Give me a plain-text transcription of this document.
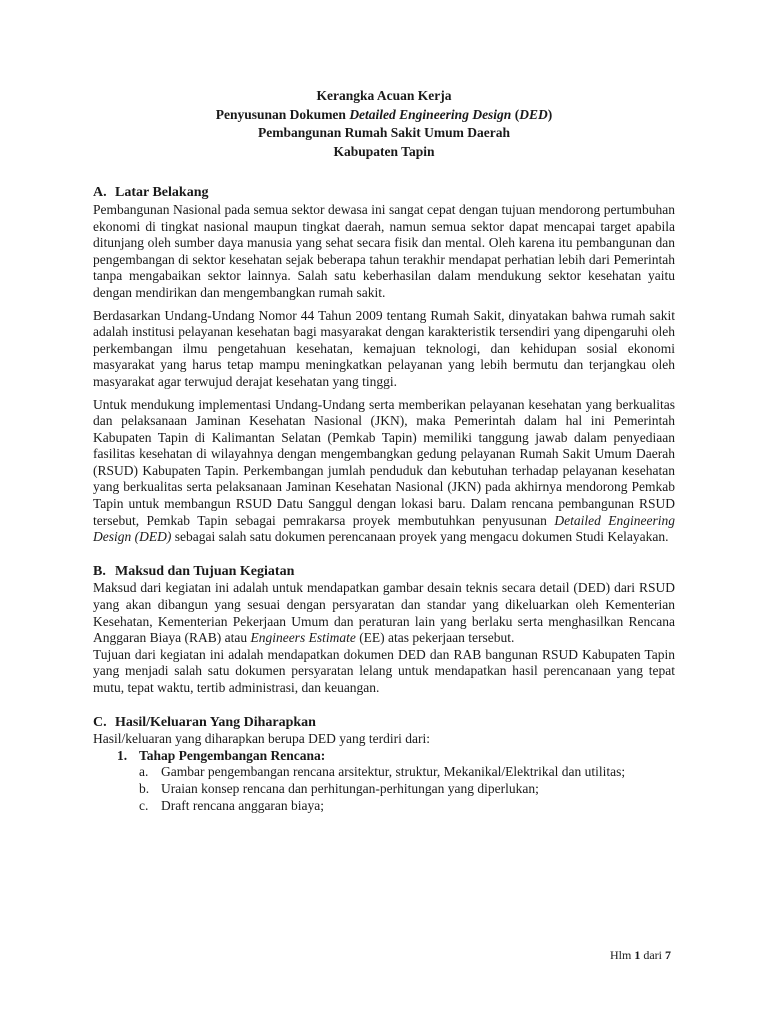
Kerangka Acuan Kerja
Penyusunan Dokumen Detailed Engineering Design (DED)
Pembangunan Rumah Sakit Umum Daerah
Kabupaten Tapin
A. Latar Belakang

Pembangunan Nasional pada semua sektor dewasa ini sangat cepat dengan tujuan mendorong pertumbuhan ekonomi di tingkat nasional maupun tingkat daerah, namun semua sektor dapat mencapai target apabila ditunjang oleh sumber daya manusia yang sehat secara fisik dan mental. Oleh karena itu pembangunan dan pengembangan di sektor kesehatan sejak beberapa tahun terakhir mendapat perhatian lebih dari Pemerintah tanpa mengabaikan sektor lainnya. Salah satu keberhasilan dalam mendukung sektor kesehatan yaitu dengan mendirikan dan mengembangkan rumah sakit.

Berdasarkan Undang-Undang Nomor 44 Tahun 2009 tentang Rumah Sakit, dinyatakan bahwa rumah sakit adalah institusi pelayanan kesehatan bagi masyarakat dengan karakteristik tersendiri yang dipengaruhi oleh perkembangan ilmu pengetahuan kesehatan, kemajuan teknologi, dan kehidupan sosial ekonomi masyarakat yang harus tetap mampu meningkatkan pelayanan yang lebih bermutu dan terjangkau oleh masyarakat agar terwujud derajat kesehatan yang tinggi.

Untuk mendukung implementasi Undang-Undang serta memberikan pelayanan kesehatan yang berkualitas dan pelaksanaan Jaminan Kesehatan Nasional (JKN), maka Pemerintah dalam hal ini Pemerintah Kabupaten Tapin di Kalimantan Selatan (Pemkab Tapin) memiliki tanggung jawab dalam penyediaan fasilitas kesehatan di wilayahnya dengan mengembangkan gedung pelayanan Rumah Sakit Umum Daerah (RSUD) Kabupaten Tapin. Perkembangan jumlah penduduk dan kebutuhan terhadap pelayanan kesehatan yang berkualitas serta pelaksanaan Jaminan Kesehatan Nasional (JKN) pada akhirnya mendorong Pemkab Tapin untuk membangun RSUD Datu Sanggul dengan lokasi baru. Dalam rencana pembangunan RSUD tersebut, Pemkab Tapin sebagai pemrakarsa proyek membutuhkan penyusunan Detailed Engineering Design (DED) sebagai salah satu dokumen perencanaan proyek yang mengacu dokumen Studi Kelayakan.

B. Maksud dan Tujuan Kegiatan

Maksud dari kegiatan ini adalah untuk mendapatkan gambar desain teknis secara detail (DED) dari RSUD yang akan dibangun yang sesuai dengan persyaratan dan standar yang dikeluarkan oleh Kementerian Kesehatan, Kementerian Pekerjaan Umum dan peraturan lain yang berlaku serta menghasilkan Rencana Anggaran Biaya (RAB) atau Engineers Estimate (EE) atas pekerjaan tersebut.

Tujuan dari kegiatan ini adalah mendapatkan dokumen DED dan RAB bangunan RSUD Kabupaten Tapin yang menjadi salah satu dokumen persyaratan lelang untuk mendapatkan hasil perencanaan yang tepat mutu, tepat waktu, tertib administrasi, dan keuangan.

C. Hasil/Keluaran Yang Diharapkan

Hasil/keluaran yang diharapkan berupa DED yang terdiri dari:

1. Tahap Pengembangan Rencana:
a. Gambar pengembangan rencana arsitektur, struktur, Mekanikal/Elektrikal dan utilitas;
b. Uraian konsep rencana dan perhitungan-perhitungan yang diperlukan;
c. Draft rencana anggaran biaya;
Hlm 1 dari 7
